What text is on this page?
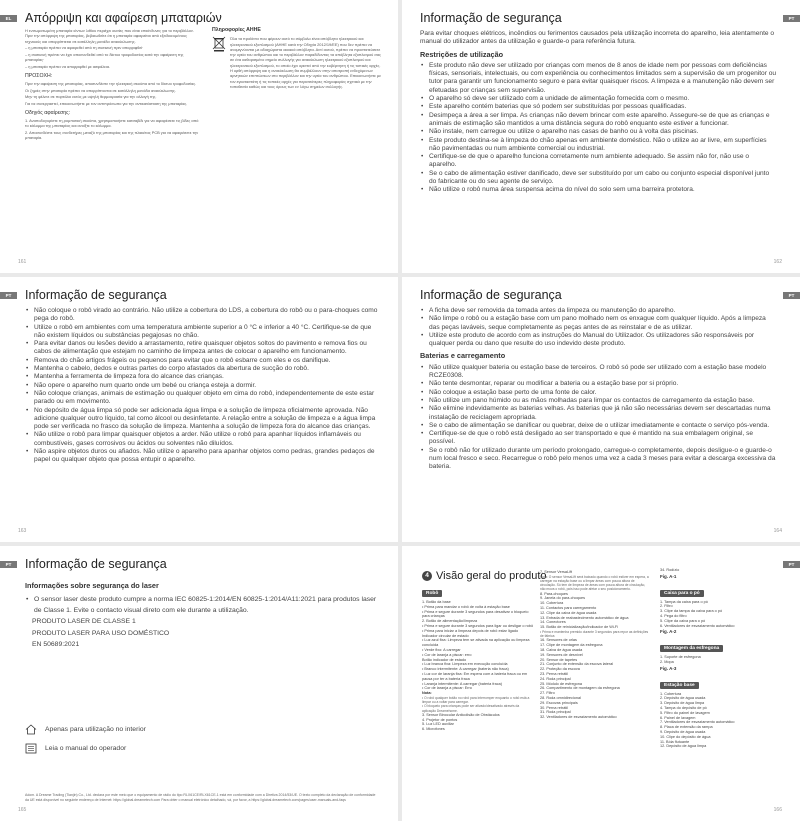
EL	Απόρριψη και αφαίρεση μπαταριών

Η ενσωματωμένη μπαταρία ιόντων λιθίου περιέχει ουσίες που είναι επικίνδυνες για το περιβάλλον. Πριν την απόρριψη της μπαταρίας, βεβαιωθείτε ότι η μπαταρία αφαιρείται από εξειδικευμένους τεχνικούς και απορρίπτεται σε κατάλληλη μονάδα ανακύκλωσης.

– η μπαταρία πρέπει να αφαιρεθεί από τη συσκευή πριν απορριφθεί·

– η συσκευή πρέπει να έχει αποσυνδεθεί από το δίκτυο τροφοδοσίας κατά την αφαίρεση της μπαταρίας·

– η μπαταρία πρέπει να απορριφθεί με ασφάλεια.

ΠΡΟΣΟΧΗ:

Πριν την αφαίρεση της μπαταρίας, αποσυνδέστε την ηλεκτρική σκούπα από το δίκτυο τροφοδοσίας.

Οι ζημιές στην μπαταρία πρέπει να απορρίπτονται σε κατάλληλη μονάδα ανακύκλωσης.

Μην τη φέλετε σε πορτόλοι εκτός με υψηλή θερμοκρασία για την αλλαγή της.

Για να συνεργαστεί, επικοινωνήστε με τον αντιπρόσωπο για την αντικατάσταση της μπαταρίας.

Οδηγός αφαίρεσης:

1. Αναποδογυρίστε τη ρομποτική σκούπα, χρησιμοποιήστε κατσαβίδι για να αφαιρέσετε τις βίδες από το κάλυμμα της μπαταρίας και ανοίξτε το κάλυμμα.

2. Αποσυνδέστε τους συνδετήρες μεταξύ της μπαταρίας και της πλακέτας PCB για να αφαιρέσετε την μπαταρία.

Πληροφορίες ΑΗΗΕ
Όλα τα προϊόντα που φέρουν αυτό το σύμβολο είναι απόβλητα ηλεκτρικού και ηλεκτρονικού εξοπλισμού (ΑΗΗΕ κατά την Οδηγία 2012/19/ΕΕ) που δεν πρέπει να αναμιγνύονται με αδιαχώριστα οικιακά απόβλητα. Αντί αυτού, πρέπει να προστατεύσετε την υγεία του ανθρώπου και το περιβάλλον παραδίδοντας τα απόβλητα εξοπλισμού σας σε ένα καθορισμένο σημείο συλλογής για ανακύκλωση ηλεκτρικού εξοπλισμού και ηλεκτρονικού εξοπλισμού, το οποίο έχει οριστεί από την κυβέρνηση ή τις τοπικές αρχές. Η ορθή απόρριψη και η ανακύκλωση θα συμβάλλουν στην αποτροπή ενδεχόμενων αρνητικών επιπτώσεων στο περιβάλλον και την υγεία του ανθρώπου. Επικοινωνήστε με τον εγκαταστάτη ή τις τοπικές αρχές για περισσότερες πληροφορίες σχετικά με την τοποθεσία καθώς και τους όρους των εν λόγω σημείων συλλογής.
161
PT
Informação de segurança

Para evitar choques elétricos, incêndios ou ferimentos causados pela utilização incorreta do aparelho, leia atentamente o manual do utilizador antes da utilização e guarde-o para referência futura.

Restrições de utilização
• Este produto não deve ser utilizado por crianças com menos de 8 anos de idade nem por pessoas com deficiências físicas, sensoriais, intelectuais, ou com experiência ou conhecimentos limitados sem a supervisão de um progenitor ou tutor para garantir um funcionamento seguro e para evitar quaisquer riscos. A limpeza e a manutenção não devem ser efetuadas por crianças sem supervisão.
• O aparelho só deve ser utilizado com a unidade de alimentação fornecida com o mesmo.
• Este aparelho contém baterias que só podem ser substituídas por pessoas qualificadas.
• Desimpeça a área a ser limpa. As crianças não devem brincar com este aparelho. Assegure-se de que as crianças e animais de estimação são mantidos a uma distância segura do robô enquanto este estiver a funcionar.
• Não instale, nem carregue ou utilize o aparelho nas casas de banho ou à volta das piscinas.
• Este produto destina-se à limpeza do chão apenas em ambiente doméstico. Não o utilize ao ar livre, em superfícies não pavimentadas ou num ambiente comercial ou industrial.
• Certifique-se de que o aparelho funciona corretamente num ambiente adequado. Se assim não for, não use o aparelho.
• Se o cabo de alimentação estiver danificado, deve ser substituído por um cabo ou conjunto especial disponível junto do fabricante ou do seu agente de serviço.
• Não utilize o robô numa área suspensa acima do nível do solo sem uma barreira protetora.
162
PT	Informação de segurança
• Não coloque o robô virado ao contrário. Não utilize a cobertura do LDS, a cobertura do robô ou o para-choques como pega do robô.
• Utilize o robô em ambientes com uma temperatura ambiente superior a 0 °C e inferior a 40 °C. Certifique-se de que não existem líquidos ou substâncias pegajosas no chão.
• Para evitar danos ou lesões devido a arrastamento, retire quaisquer objetos soltos do pavimento e remova fios ou cabos de alimentação que estejam no caminho de limpeza antes de colocar o aparelho em funcionamento.
• Remova do chão artigos frágeis ou pequenos para evitar que o robô esbarre com eles e os danifique.
• Mantenha o cabelo, dedos e outras partes do corpo afastados da abertura de sucção do robô.
• Mantenha a ferramenta de limpeza fora do alcance das crianças.
• Não opere o aparelho num quarto onde um bebé ou criança esteja a dormir.
• Não coloque crianças, animais de estimação ou qualquer objeto em cima do robô, independentemente de este estar parado ou em movimento.
• No depósito de água limpa só pode ser adicionada água limpa e a solução de limpeza oficialmente aprovada. Não adicione qualquer outro líquido, tal como álcool ou desinfetante. A relação entre a solução de limpeza e a água limpa pode ser verificada no frasco da solução de limpeza. Mantenha a solução de limpeza fora do alcance das crianças.
• Não utilize o robô para limpar quaisquer objetos a arder. Não utilize o robô para apanhar líquidos inflamáveis ou combustíveis, gases corrosivos ou ácidos ou solventes não diluídos.
• Não aspire objetos duros ou afiados. Não utilize o aparelho para apanhar objetos como pedras, grandes pedaços de papel ou qualquer objeto que possa entupir o aparelho.
163
PT
Informação de segurança
• A ficha deve ser removida da tomada antes da limpeza ou manutenção do aparelho.
• Não limpe o robô ou a estação base com um pano molhado nem os enxague com qualquer líquido. Após a limpeza das peças laváveis, seque completamente as peças antes de as reinstalar e de as utilizar.
• Utilize este produto de acordo com as instruções do Manual do Utilizador. Os utilizadores são responsáveis por qualquer perda ou dano que resulte do uso indevido deste produto.
Baterias e carregamento
• Não utilize qualquer bateria ou estação base de terceiros. O robô só pode ser utilizado com a estação base modelo RCZE0308.
• Não tente desmontar, reparar ou modificar a bateria ou a estação base por si próprio.
• Não coloque a estação base perto de uma fonte de calor.
• Não utilize um pano húmido ou as mãos molhadas para limpar os contactos de carregamento da estação base.
• Não elimine indevidamente as baterias velhas. As baterias que já não são necessárias devem ser descartadas numa instalação de reciclagem apropriada.
• Se o cabo de alimentação se danificar ou quebrar, deixe de o utilizar imediatamente e contacte o serviço pós-venda.
• Certifique-se de que o robô está desligado ao ser transportado e que é mantido na sua embalagem original, se possível.
• Se o robô não for utilizado durante um período prolongado, carregue-o completamente, depois desligue-o e guarde-o num local fresco e seco. Recarregue o robô pelo menos uma vez a cada 3 meses para evitar a descarga excessiva da bateria.
164
PT	Informação de segurança
Informações sobre segurança do laser
• O sensor laser deste produto cumpre a norma IEC 60825-1:2014/EN 60825-1:2014/A11:2021 para produtos laser de Classe 1. Evite o contacto visual direto com ele durante a utilização.
PRODUTO LASER DE CLASSE 1
PRODUTO LASER PARA USO DOMÉSTICO
EN 50689:2021
Apenas para utilização no interior
Leia o manual do operador
Adom. A Dreame Trading (Tianjin) Co., Ltd. declara por este meio que o equipamento de rádio do tipo RLX61CE/RLX61CE-1 está em conformidade com a Diretiva 2014/53/UE. O texto completo da declaração de conformidade da UE está disponível no seguinte endereço de Internet: https://global.dreametech.com Para obter o manual eletrónico detalhado, vá, por favor, a https://global.dreametech.com/pages/user-manuals-and-faqs
165
PT
4 Visão geral do produto
Robô
1. Botão da base
• Prima para mandar o robô de volta à estação base
• Prima e segure durante 3 segundos para desativar o bloqueio para crianças
2. Botão de alimentação/limpeza
• Prima e segure durante 3 segundos para ligar ou desligar o robô
• Prima para iniciar a limpeza depois de robô estar ligado
Indicador circular de estado
• Luz azul fixa: Limpeza tem se ativada na aplicação ou limpeza concluída
• Verde fixo: A carregar
• Cor de laranja a piscar: erro
Botão indicador de estado
• Luz branca fixa: Limpeza em execução concluída
• Branco intermitente: A carregar (bateria não fraca)
• Luz cor de laranja fixa: Em espera com a bateria fraca ou em pausa por ter a bateria fraca
• Laranja intermitente: A carregar (bateria fraca)
• Cor de laranja a piscar: Erro
Nota:
• O robô qualquer botão no robô para interromper enquanto o robô está a limpar ou a voltar para carregar.
• O bloqueio para crianças pode ser ativado/desativado através da aplicação Dreamehome.
3. Sensor Binocular Anticolisão de Obstáculos
4. Projetor de pontos
5. Luz LED auxiliar
6. Microfones
7. Sensor VersaLift
Nota: O sensor VersaLift será baixado quando o robô estiver em espera, a carregar na estação base ou a limpar áreas com pouca altura de circulação. Só tem de limpeza de áreas com pouca altura de circulação, não mova o robô, pois isso pode afetar o seu posicionamento.
8. Para-choques
9. Janela do para-choques
10. Cobertura
11. Contactos para carregamento
12. Clipe da caixa de água usada
13. Entrada de reabastecimento automático de água
14. Conectores
15. Botão de reinicialização/indicador de Wi-Fi
• Prima e mantenha premido durante 3 segundos para repor as definições de fábrica
16. Sensores de orlas
17. Clipe de montagem da esfregona
18. Caixa de água usada
19. Sensores de desnível
20. Sensor de tapetes
21. Conjunto de extensão da escova lateral
22. Proteção da escova
23. Perna retrátil
24. Roda principal
25. Módulo de esfregona
26. Compartimento de montagem da esfregona
27. Filtro
28. Roda omnidirecional
29. Escovas principais
30. Perna retrátil
31. Roda principal
32. Ventiladores de esvaziamento automático
34. Rodízio
Fig. A-1
Caixa para o pó
1. Tampa da caixa para o pó
2. Filtro
3. Clipe da tampa da caixa para o pó
4. Pega do filtro
5. Clipe da caixa para o pó
6. Ventiladores de esvaziamento automático
Fig. A-2
Montagem da esfregona
1. Suporte de esfregona
2. Mopa
Fig. A-3
Estação base
1. Cobertura
2. Depósito de água usada
3. Depósito de água limpa
4. Tampa do depósito de pó
5. Filtro do painel de lavagem
6. Painel de lavagem
7. Ventiladores de esvaziamento automático
8. Placa de extensão da rampa
9. Depósito de água usada
10. Clipe do depósito de água
11. Bóia flutuante
12. Depósito de água limpa
166
